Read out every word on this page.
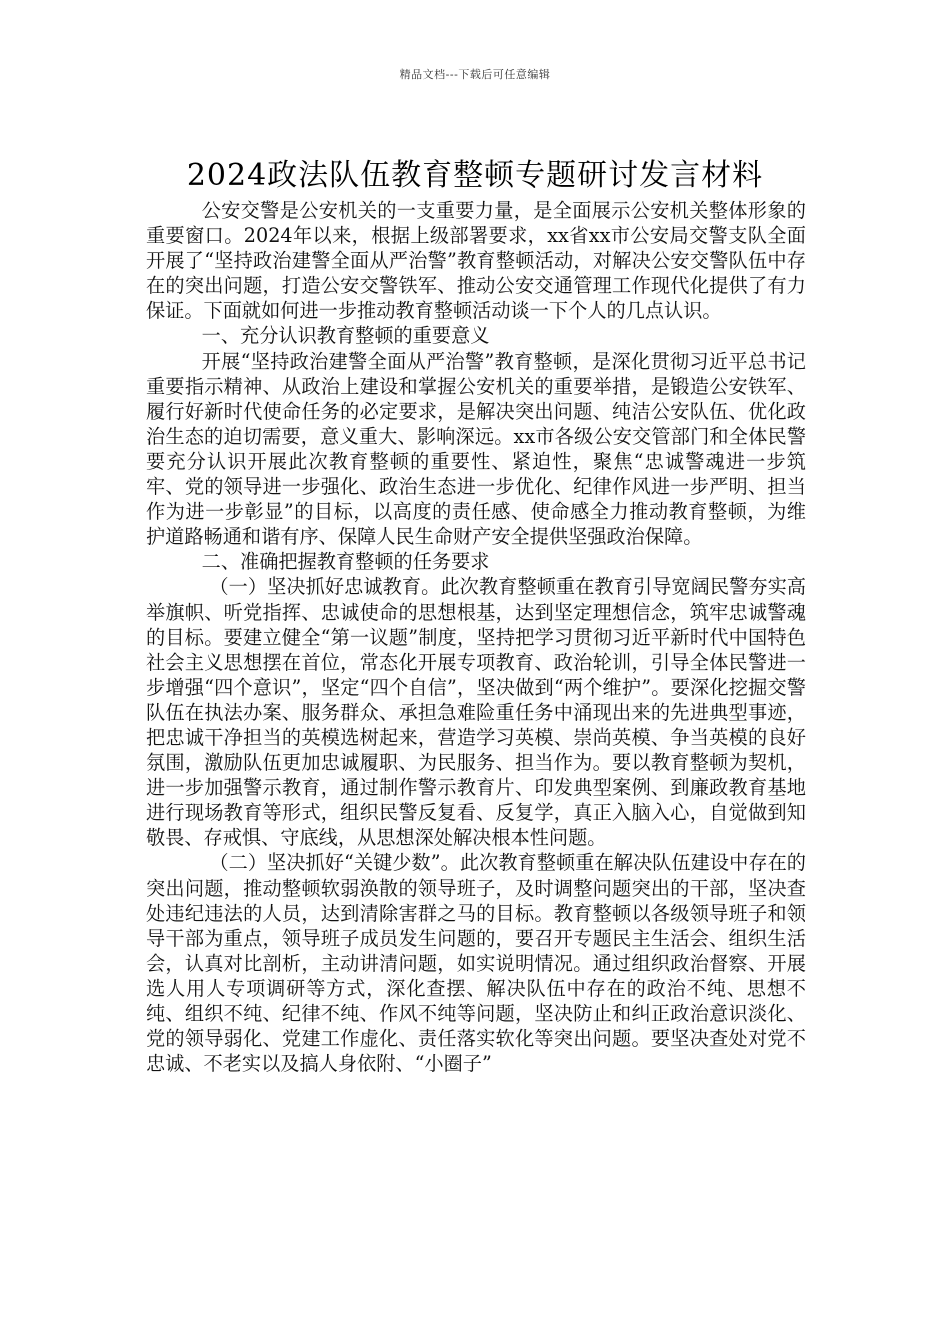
精品文档---下载后可任意编辑
2024政法队伍教育整顿专题研讨发言材料

公安交警是公安机关的一支重要力量，是全面展示公安机关整体形象的重要窗口。2024年以来，根据上级部署要求，xx省xx市公安局交警支队全面开展了“坚持政治建警全面从严治警”教育整顿活动，对解决公安交警队伍中存在的突出问题，打造公安交警铁军、推动公安交通管理工作现代化提供了有力保证。下面就如何进一步推动教育整顿活动谈一下个人的几点认识。

一、充分认识教育整顿的重要意义

开展“坚持政治建警全面从严治警”教育整顿，是深化贯彻习近平总书记重要指示精神、从政治上建设和掌握公安机关的重要举措，是锻造公安铁军、履行好新时代使命任务的必定要求，是解决突出问题、纯洁公安队伍、优化政治生态的迫切需要，意义重大、影响深远。xx市各级公安交管部门和全体民警要充分认识开展此次教育整顿的重要性、紧迫性，聚焦“忠诚警魂进一步筑牢、党的领导进一步强化、政治生态进一步优化、纪律作风进一步严明、担当作为进一步彰显”的目标，以高度的责任感、使命感全力推动教育整顿，为维护道路畅通和谐有序、保障人民生命财产安全提供坚强政治保障。

二、准确把握教育整顿的任务要求

（一）坚决抓好忠诚教育。此次教育整顿重在教育引导宽阔民警夯实高举旗帜、听党指挥、忠诚使命的思想根基，达到坚定理想信念，筑牢忠诚警魂的目标。要建立健全“第一议题”制度，坚持把学习贯彻习近平新时代中国特色社会主义思想摆在首位，常态化开展专项教育、政治轮训，引导全体民警进一步增强“四个意识”，坚定“四个自信”，坚决做到“两个维护”。要深化挖掘交警队伍在执法办案、服务群众、承担急难险重任务中涌现出来的先进典型事迹，把忠诚干净担当的英模选树起来，营造学习英模、崇尚英模、争当英模的良好氛围，激励队伍更加忠诚履职、为民服务、担当作为。要以教育整顿为契机，进一步加强警示教育，通过制作警示教育片、印发典型案例、到廉政教育基地进行现场教育等形式，组织民警反复看、反复学，真正入脑入心，自觉做到知敬畏、存戒惧、守底线，从思想深处解决根本性问题。

（二）坚决抓好“关键少数”。此次教育整顿重在解决队伍建设中存在的突出问题，推动整顿软弱涣散的领导班子，及时调整问题突出的干部，坚决查处违纪违法的人员，达到清除害群之马的目标。教育整顿以各级领导班子和领导干部为重点，领导班子成员发生问题的，要召开专题民主生活会、组织生活会，认真对比剖析，主动讲清问题，如实说明情况。通过组织政治督察、开展选人用人专项调研等方式，深化查摆、解决队伍中存在的政治不纯、思想不纯、组织不纯、纪律不纯、作风不纯等问题，坚决防止和纠正政治意识淡化、党的领导弱化、党建工作虚化、责任落实软化等突出问题。要坚决查处对党不忠诚、不老实以及搞人身依附、“小圈子”
